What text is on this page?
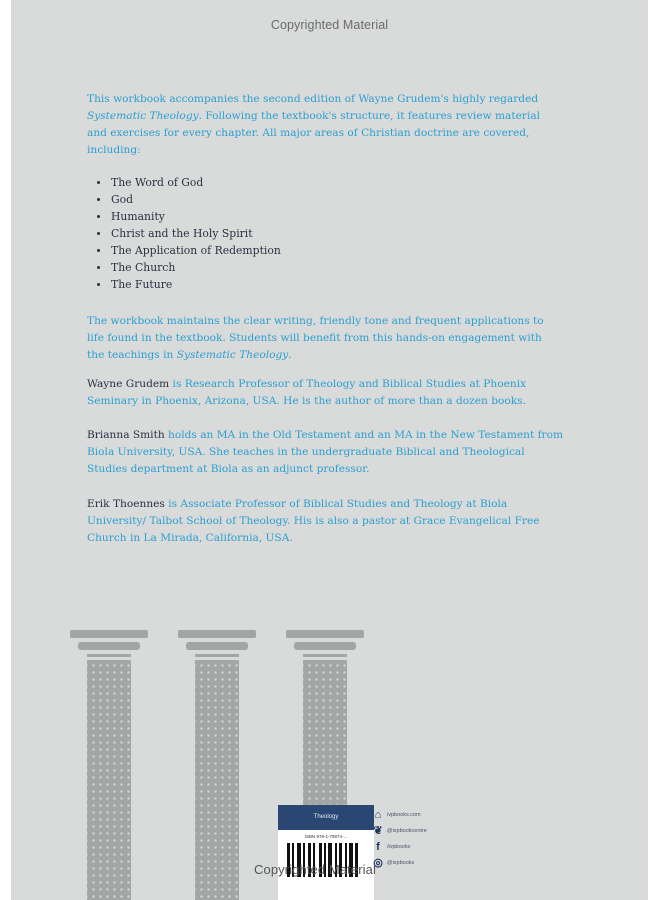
Copyrighted Material

This workbook accompanies the second edition of Wayne Grudem's highly regarded Systematic Theology. Following the textbook's structure, it features review material and exercises for every chapter. All major areas of Christian doctrine are covered, including:

The Word of God
God
Humanity
Christ and the Holy Spirit
The Application of Redemption
The Church
The Future

The workbook maintains the clear writing, friendly tone and frequent applications to life found in the textbook. Students will benefit from this hands-on engagement with the teachings in Systematic Theology.

Wayne Grudem is Research Professor of Theology and Biblical Studies at Phoenix Seminary in Phoenix, Arizona, USA. He is the author of more than a dozen books.

Brianna Smith holds an MA in the Old Testament and an MA in the New Testament from Biola University, USA. She teaches in the undergraduate Biblical and Theological Studies department at Biola as an adjunct professor.

Erik Thoennes is Associate Professor of Biblical Studies and Theology at Biola University/ Talbot School of Theology. His is also a pastor at Grace Evangelical Free Church in La Mirada, California, USA.

Theology
ISBN 978-1-78974-...
⌂	ivpbooks.com
❦ @ivpbookcentre
f	/ivpbooks
◎ @ivpbooks
Copyrighted Material
